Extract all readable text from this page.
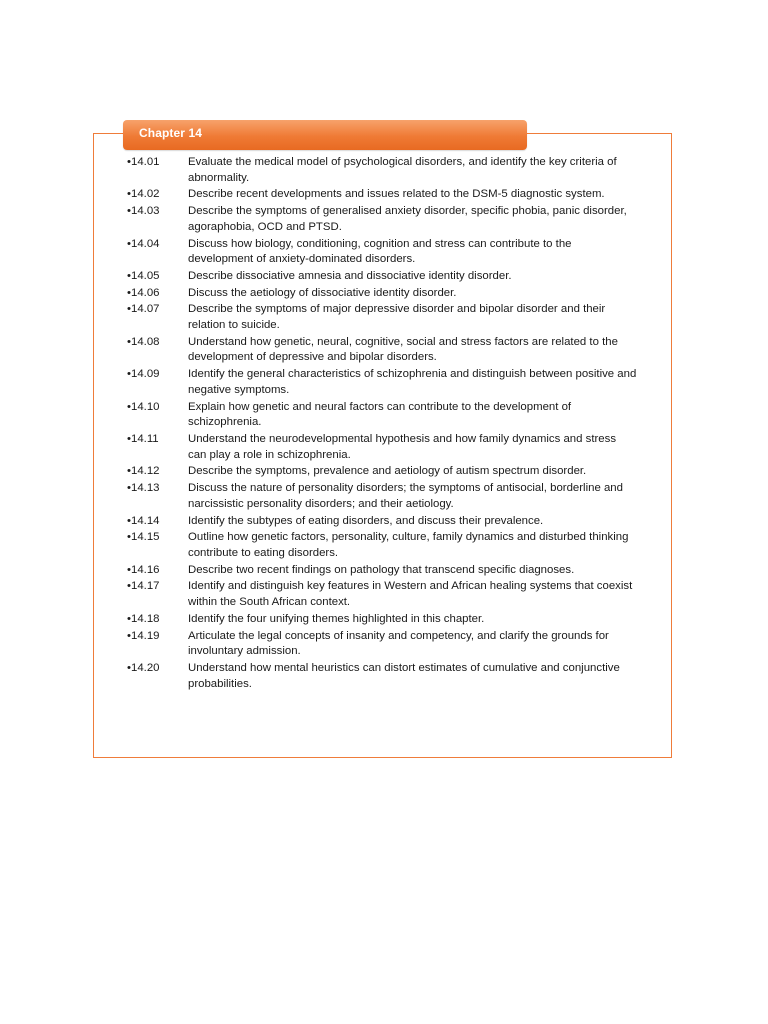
Chapter 14
•14.01	Evaluate the medical model of psychological disorders, and identify the key criteria of abnormality.
•14.02	Describe recent developments and issues related to the DSM-5 diagnostic system.
•14.03	Describe the symptoms of generalised anxiety disorder, specific phobia, panic disorder, agoraphobia, OCD and PTSD.
•14.04	Discuss how biology, conditioning, cognition and stress can contribute to the development of anxiety-dominated disorders.
•14.05	Describe dissociative amnesia and dissociative identity disorder.
•14.06	Discuss the aetiology of dissociative identity disorder.
•14.07	Describe the symptoms of major depressive disorder and bipolar disorder and their relation to suicide.
•14.08	Understand how genetic, neural, cognitive, social and stress factors are related to the development of depressive and bipolar disorders.
•14.09	Identify the general characteristics of schizophrenia and distinguish between positive and negative symptoms.
•14.10	Explain how genetic and neural factors can contribute to the development of schizophrenia.
•14.11	Understand the neurodevelopmental hypothesis and how family dynamics and stress can play a role in schizophrenia.
•14.12	Describe the symptoms, prevalence and aetiology of autism spectrum disorder.
•14.13	Discuss the nature of personality disorders; the symptoms of antisocial, borderline and narcissistic personality disorders; and their aetiology.
•14.14	Identify the subtypes of eating disorders, and discuss their prevalence.
•14.15	Outline how genetic factors, personality, culture, family dynamics and disturbed thinking contribute to eating disorders.
•14.16	Describe two recent findings on pathology that transcend specific diagnoses.
•14.17	Identify and distinguish key features in Western and African healing systems that coexist within the South African context.
•14.18	Identify the four unifying themes highlighted in this chapter.
•14.19	Articulate the legal concepts of insanity and competency, and clarify the grounds for involuntary admission.
•14.20	Understand how mental heuristics can distort estimates of cumulative and conjunctive probabilities.
